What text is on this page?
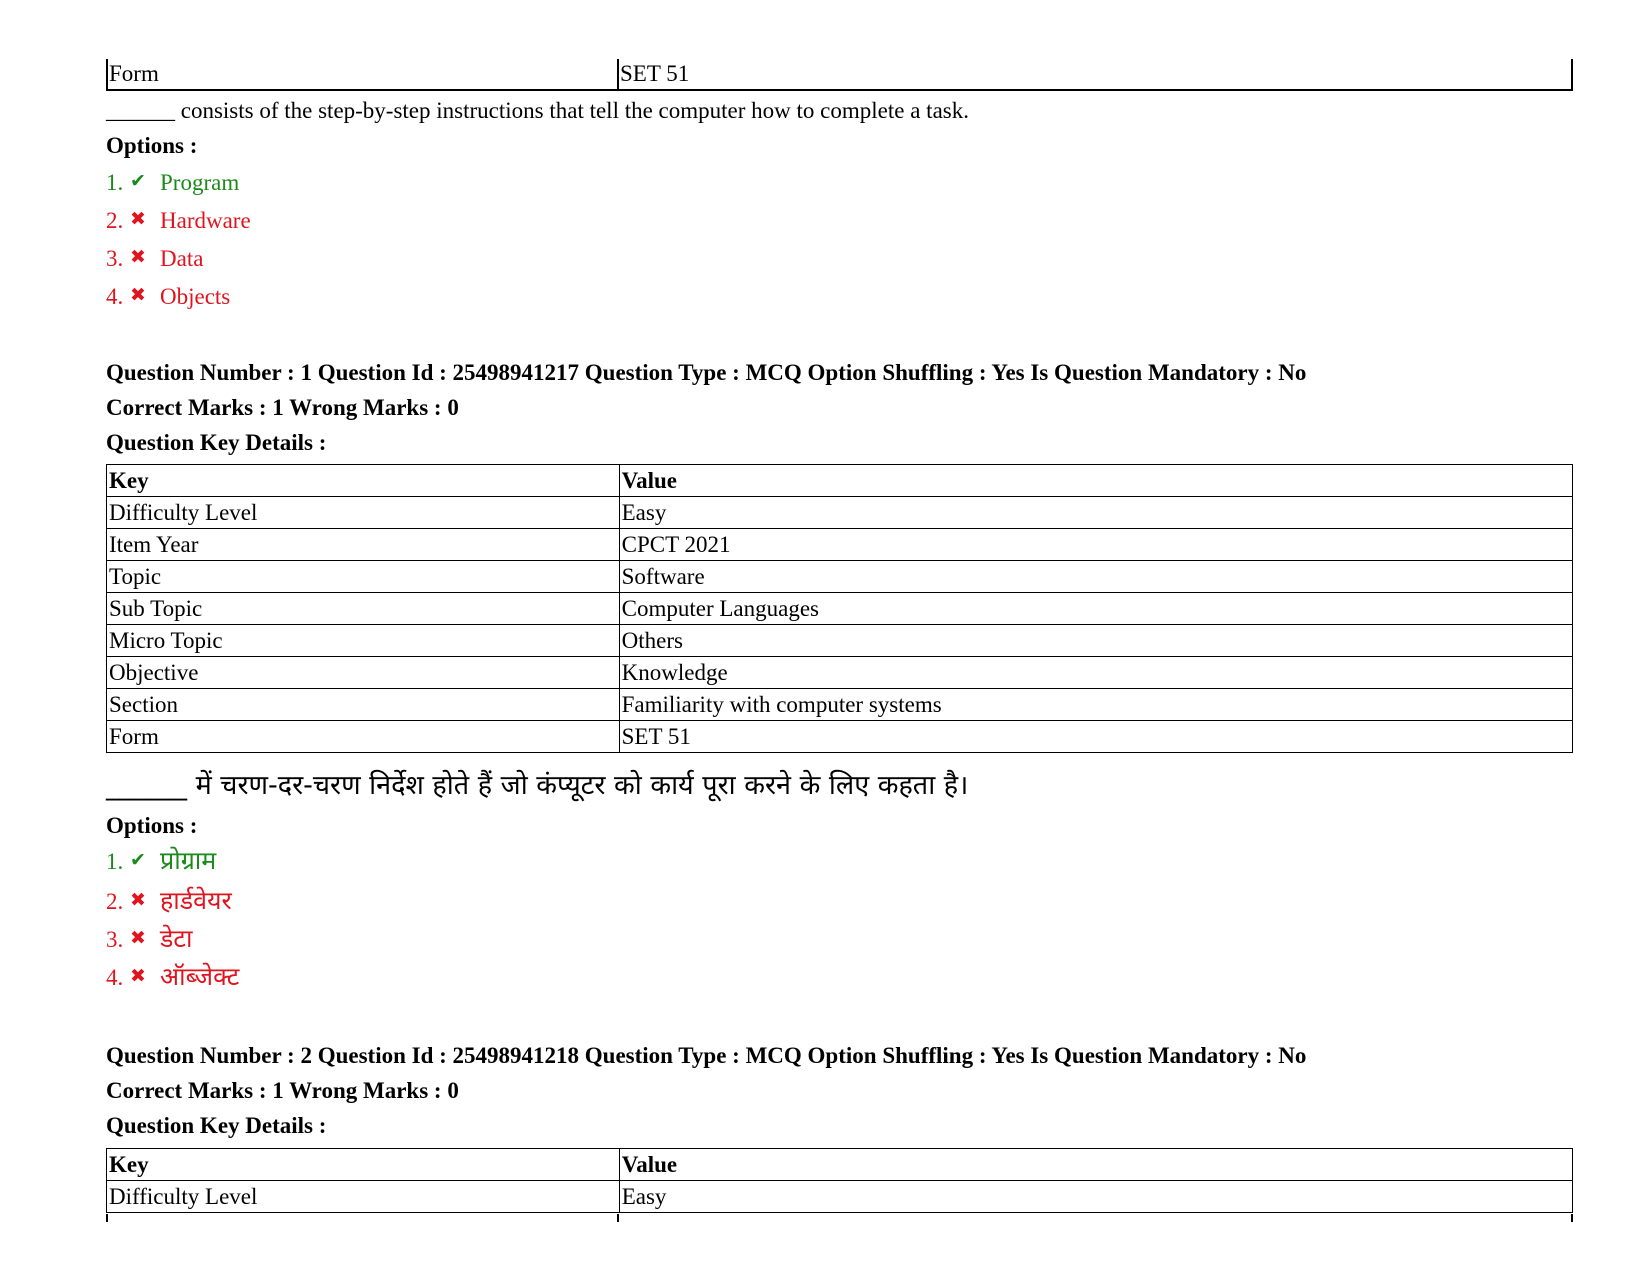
Form	SET 51
______ consists of the step-by-step instructions that tell the computer how to complete a task.
Options :
1. ✔ Program
2. ✖ Hardware
3. ✖ Data
4. ✖ Objects
Question Number : 1 Question Id : 25498941217 Question Type : MCQ Option Shuffling : Yes Is Question Mandatory : No
Correct Marks : 1 Wrong Marks : 0
Question Key Details :
Key	Value
Difficulty Level	Easy
Item Year	CPCT 2021
Topic	Software
Sub Topic	Computer Languages
Micro Topic	Others
Objective	Knowledge
Section	Familiarity with computer systems
Form	SET 51
______ में चरण-दर-चरण निर्देश होते हैं जो कंप्यूटर को कार्य पूरा करने के लिए कहता है।
Options :
1. ✔ प्रोग्राम
2. ✖ हार्डवेयर
3. ✖ डेटा
4. ✖ ऑब्जेक्ट
Question Number : 2 Question Id : 25498941218 Question Type : MCQ Option Shuffling : Yes Is Question Mandatory : No
Correct Marks : 1 Wrong Marks : 0
Question Key Details :
Key	Value
Difficulty Level	Easy
